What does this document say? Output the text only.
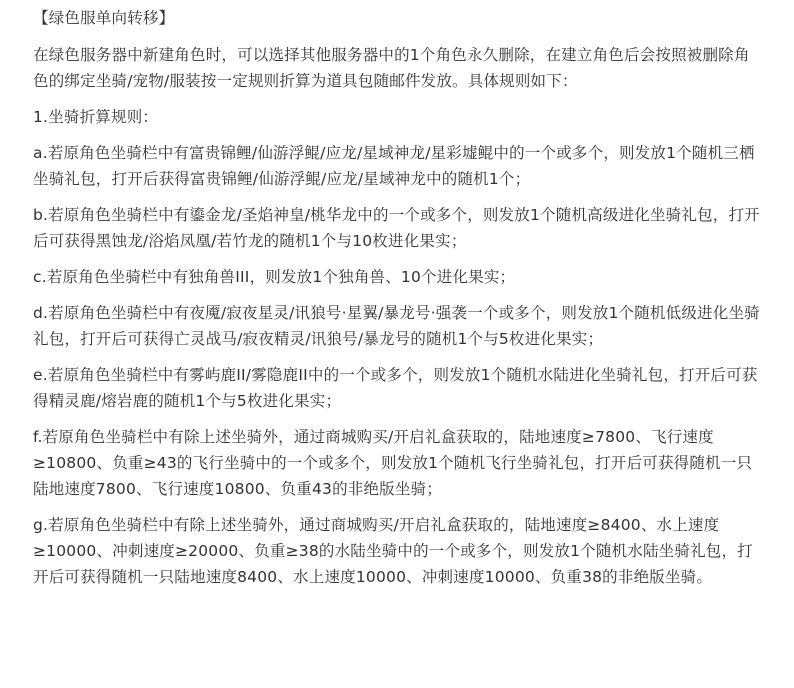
【绿色服单向转移】

在绿色服务器中新建角色时，可以选择其他服务器中的1个角色永久删除，在建立角色后会按照被删除角色的绑定坐骑/宠物/服装按一定规则折算为道具包随邮件发放。具体规则如下：

1.坐骑折算规则：

a.若原角色坐骑栏中有富贵锦鲤/仙游浮鲲/应龙/星域神龙/星彩墟鲲中的一个或多个，则发放1个随机三栖坐骑礼包，打开后获得富贵锦鲤/仙游浮鲲/应龙/星域神龙中的随机1个；

b.若原角色坐骑栏中有鎏金龙/圣焰神皇/桃华龙中的一个或多个，则发放1个随机高级进化坐骑礼包，打开后可获得黑蚀龙/浴焰凤凰/若竹龙的随机1个与10枚进化果实；

c.若原角色坐骑栏中有独角兽III，则发放1个独角兽、10个进化果实；

d.若原角色坐骑栏中有夜魇/寂夜星灵/讯狼号·星翼/暴龙号·强袭一个或多个，则发放1个随机低级进化坐骑礼包，打开后可获得亡灵战马/寂夜精灵/讯狼号/暴龙号的随机1个与5枚进化果实；

e.若原角色坐骑栏中有雾屿鹿II/雾隐鹿II中的一个或多个，则发放1个随机水陆进化坐骑礼包，打开后可获得精灵鹿/熔岩鹿的随机1个与5枚进化果实；

f.若原角色坐骑栏中有除上述坐骑外，通过商城购买/开启礼盒获取的，陆地速度≥7800、飞行速度≥10800、负重≥43的飞行坐骑中的一个或多个，则发放1个随机飞行坐骑礼包，打开后可获得随机一只陆地速度7800、飞行速度10800、负重43的非绝版坐骑；

g.若原角色坐骑栏中有除上述坐骑外，通过商城购买/开启礼盒获取的，陆地速度≥8400、水上速度≥10000、冲刺速度≥20000、负重≥38的水陆坐骑中的一个或多个，则发放1个随机水陆坐骑礼包，打开后可获得随机一只陆地速度8400、水上速度10000、冲刺速度10000、负重38的非绝版坐骑。
